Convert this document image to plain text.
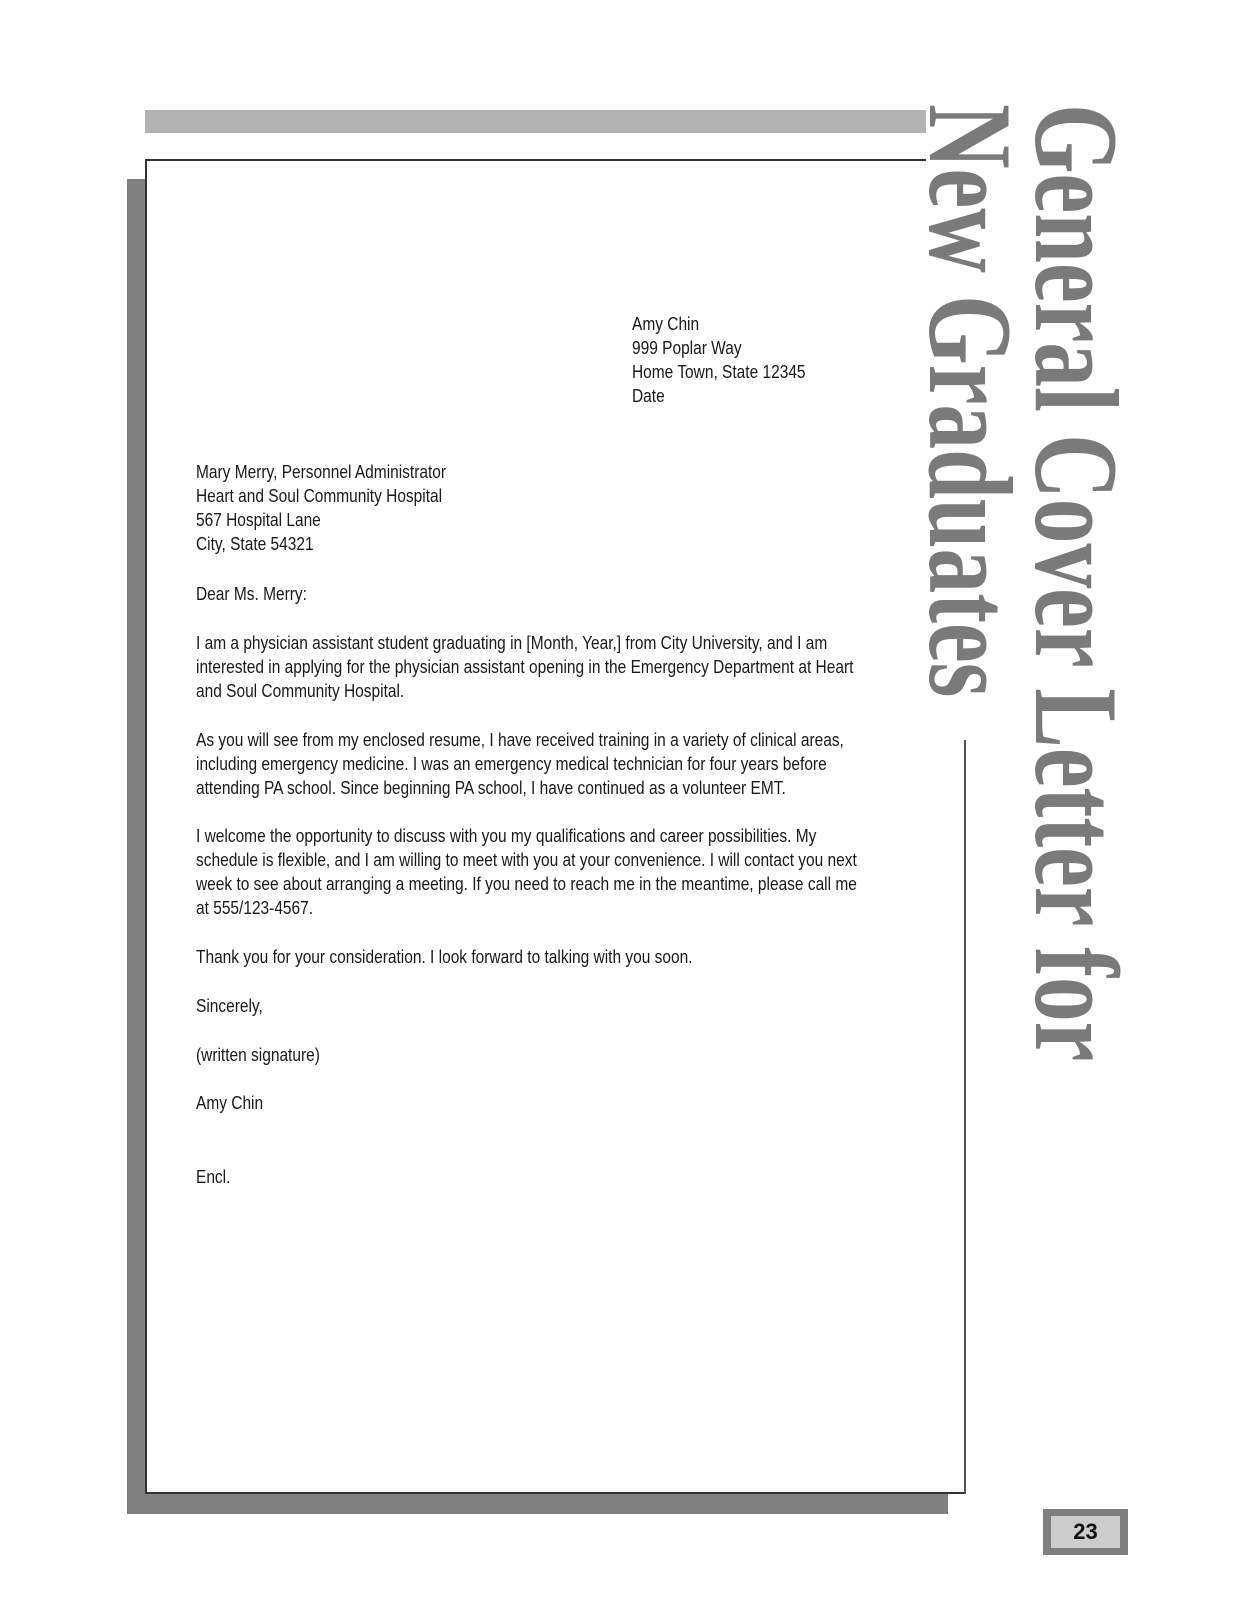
General Cover Letter for
New Graduates
Amy Chin
999 Poplar Way
Home Town, State 12345
Date
Mary Merry, Personnel Administrator
Heart and Soul Community Hospital
567 Hospital Lane
City, State 54321
Dear Ms. Merry:
I am a physician assistant student graduating in [Month, Year,] from City University, and I am
interested in applying for the physician assistant opening in the Emergency Department at Heart
and Soul Community Hospital.
As you will see from my enclosed resume, I have received training in a variety of clinical areas,
including emergency medicine. I was an emergency medical technician for four years before
attending PA school. Since beginning PA school, I have continued as a volunteer EMT.
I welcome the opportunity to discuss with you my qualifications and career possibilities. My
schedule is flexible, and I am willing to meet with you at your convenience. I will contact you next
week to see about arranging a meeting. If you need to reach me in the meantime, please call me
at 555/123-4567.
Thank you for your consideration. I look forward to talking with you soon.
Sincerely,
(written signature)
Amy Chin
Encl.
23
